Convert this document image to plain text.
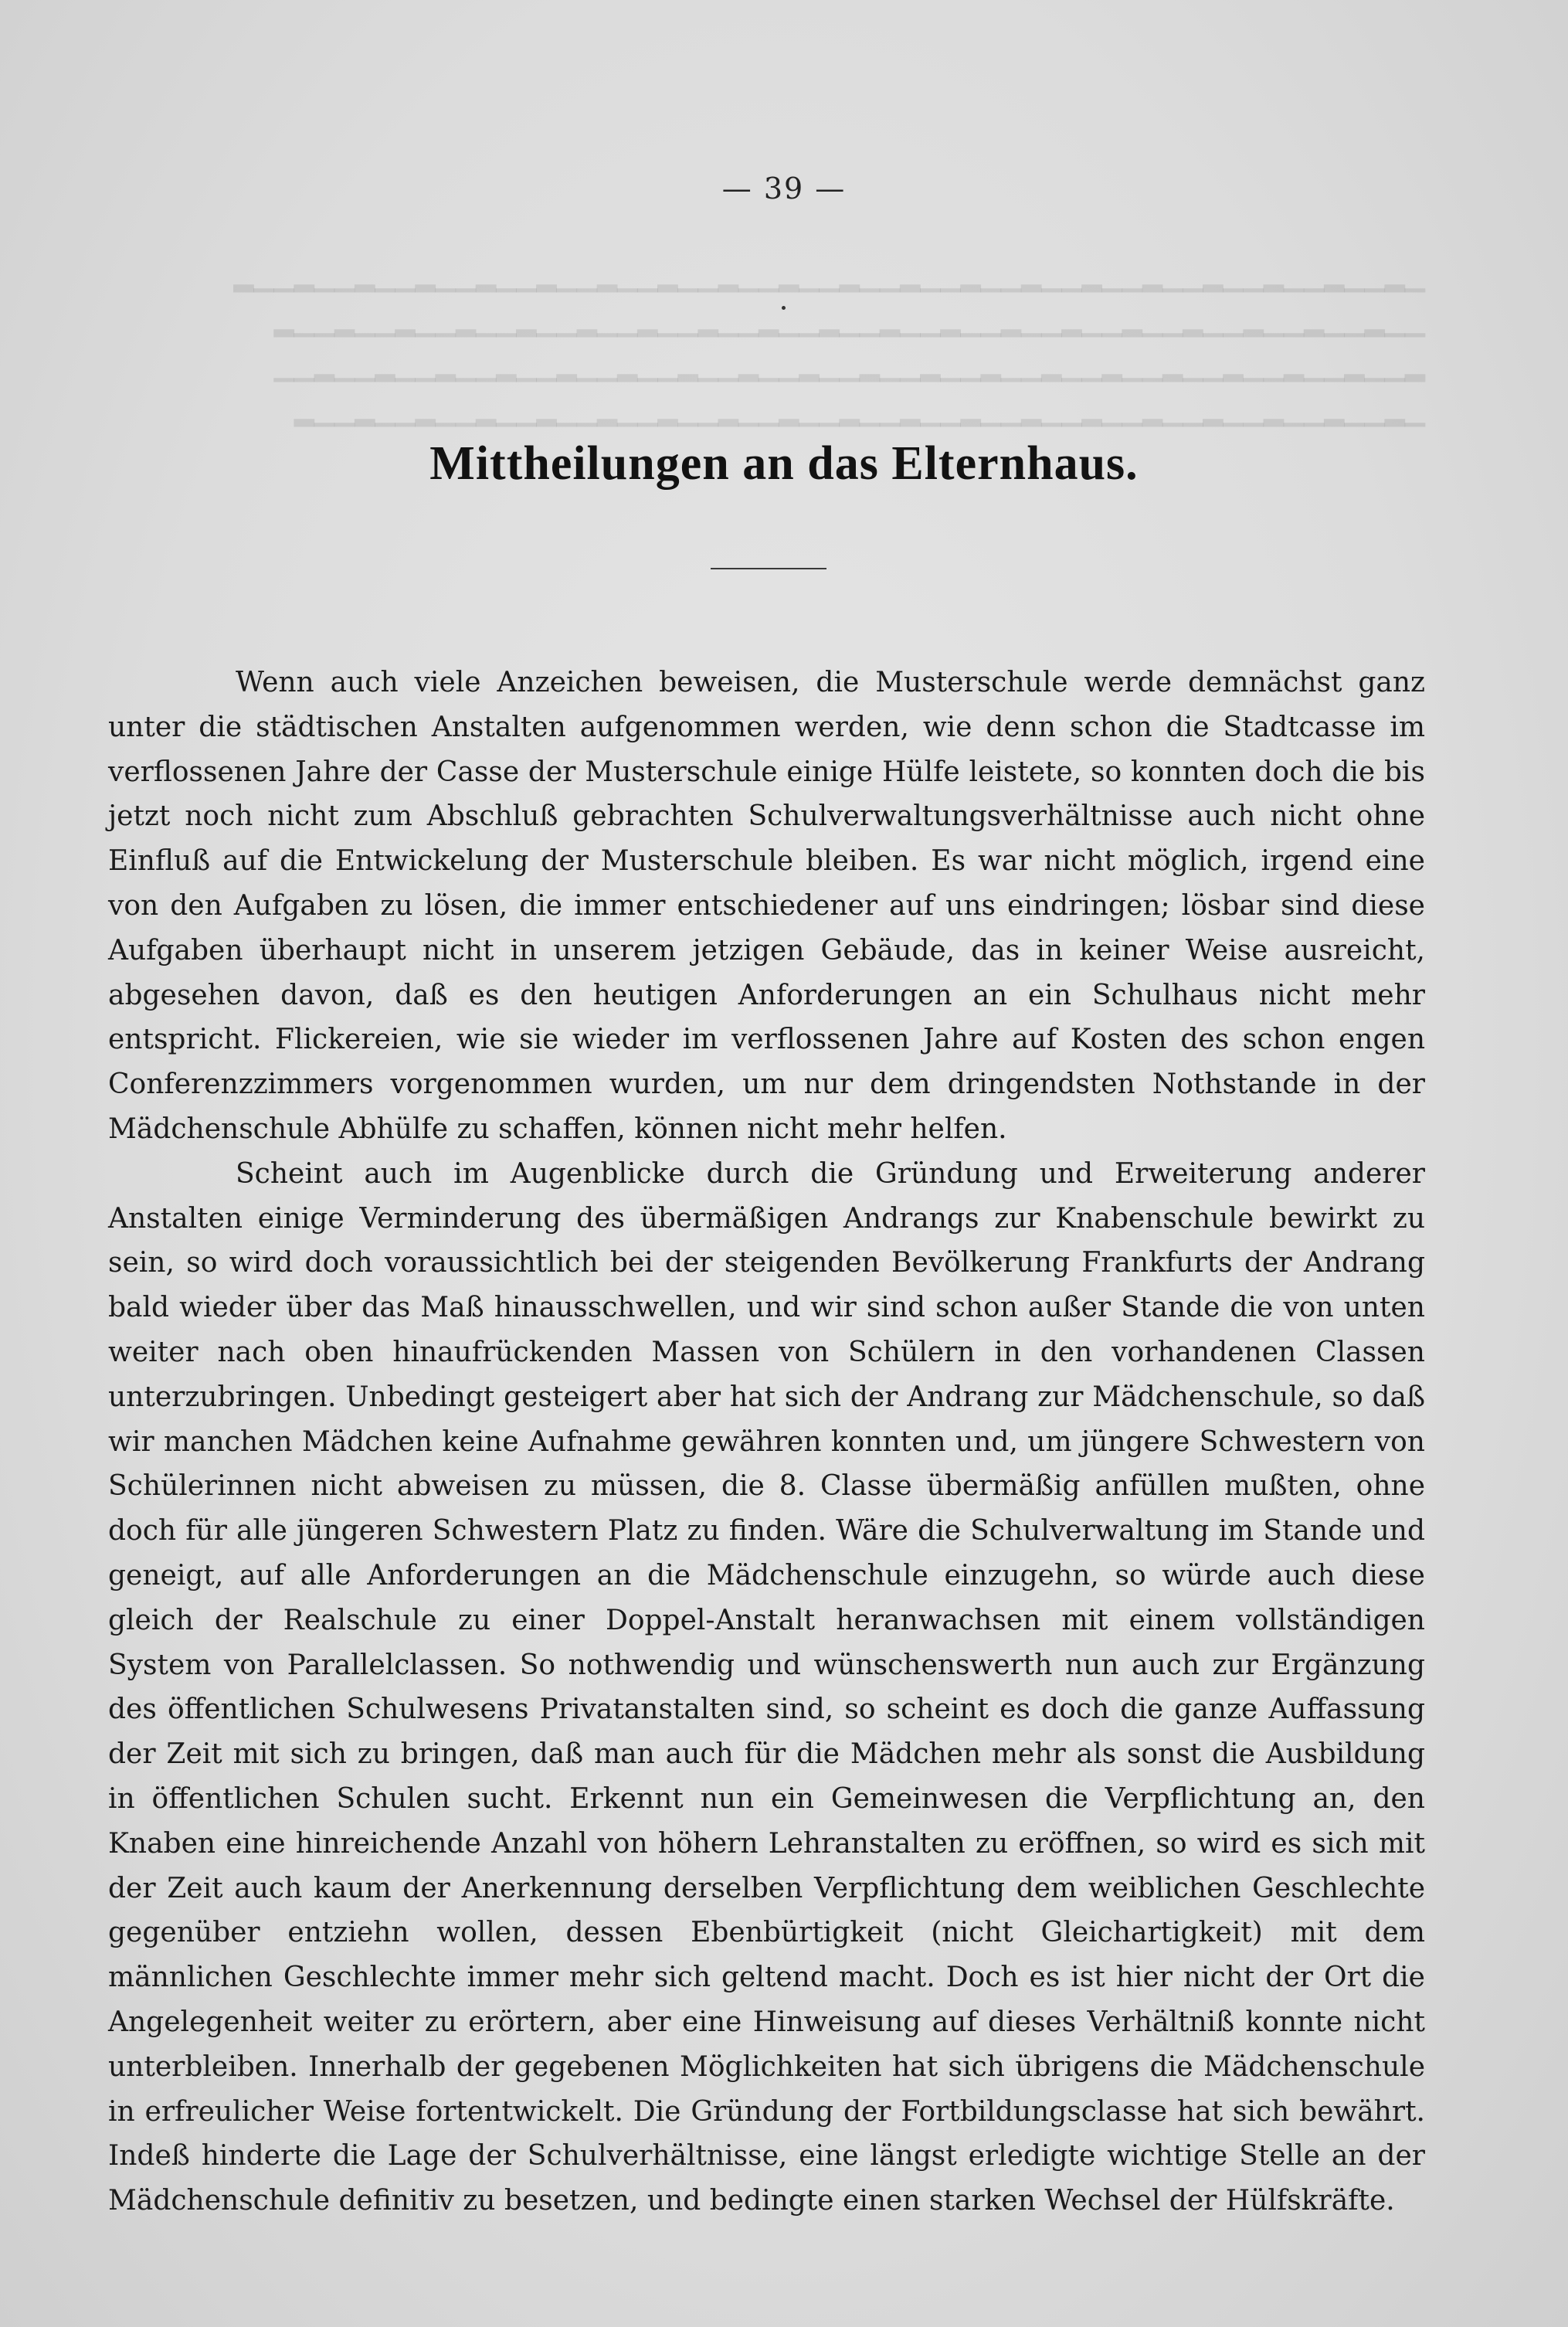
▁▂▁▁▂▁▁▂▁▁▂▁▁▂▁▁▂▁▁▂▁▁▂▁▁▂▁▁▂▁▁▂▁▁▂▁▁▂▁▁▂▁▁▂▁▁▂▁▁▂▁▁▂▁▁▂▁▁▂
▁▁▂▁▁▂▁▁▂▁▁▂▁▁▂▁▁▂▁▁▂▁▁▂▁▁▂▁▁▂▁▁▂▁▁▂▁▁▂▁▁▂▁▁▂▁▁▂▁▁▂▁▁▂▁▁▂
▂▁▁▂▁▁▂▁▁▂▁▁▂▁▁▂▁▁▂▁▁▂▁▁▂▁▁▂▁▁▂▁▁▂▁▁▂▁▁▂▁▁▂▁▁▂▁▁▂▁▁▂▁▁▂▁▁
▁▂▁▁▂▁▁▂▁▁▂▁▁▂▁▁▂▁▁▂▁▁▂▁▁▂▁▁▂▁▁▂▁▁▂▁▁▂▁▁▂▁▁▂▁▁▂▁▁▂▁▁▂▁▁▂

— 39 —
Mittheilungen an das Elternhaus.

Wenn auch viele Anzeichen beweisen, die Musterschule werde demnächst ganz unter die städtischen Anstalten aufgenommen werden, wie denn schon die Stadtcasse im verflossenen Jahre der Casse der Musterschule einige Hülfe leistete, so konnten doch die bis jetzt noch nicht zum Abschluß gebrachten Schulverwaltungsverhältnisse auch nicht ohne Einfluß auf die Entwickelung der Musterschule bleiben. Es war nicht möglich, irgend eine von den Aufgaben zu lösen, die immer entschiedener auf uns eindringen; lösbar sind diese Aufgaben überhaupt nicht in unserem jetzigen Gebäude, das in keiner Weise ausreicht, abgesehen davon, daß es den heutigen Anforderungen an ein Schulhaus nicht mehr entspricht. Flickereien, wie sie wieder im verflossenen Jahre auf Kosten des schon engen Conferenzzimmers vorgenommen wurden, um nur dem dringendsten Nothstande in der Mädchenschule Abhülfe zu schaffen, können nicht mehr helfen.

Scheint auch im Augenblicke durch die Gründung und Erweiterung anderer Anstalten einige Verminderung des übermäßigen Andrangs zur Knabenschule bewirkt zu sein, so wird doch voraussichtlich bei der steigenden Bevölkerung Frankfurts der Andrang bald wieder über das Maß hinausschwellen, und wir sind schon außer Stande die von unten weiter nach oben hinaufrückenden Massen von Schülern in den vorhandenen Classen unterzubringen. Unbedingt gesteigert aber hat sich der Andrang zur Mädchenschule, so daß wir manchen Mädchen keine Aufnahme gewähren konnten und, um jüngere Schwestern von Schülerinnen nicht abweisen zu müssen, die 8. Classe übermäßig anfüllen mußten, ohne doch für alle jüngeren Schwestern Platz zu finden. Wäre die Schulverwaltung im Stande und geneigt, auf alle Anforderungen an die Mädchenschule einzugehn, so würde auch diese gleich der Realschule zu einer Doppel-Anstalt heranwachsen mit einem vollständigen System von Parallelclassen. So nothwendig und wünschenswerth nun auch zur Ergänzung des öffentlichen Schulwesens Privatanstalten sind, so scheint es doch die ganze Auffassung der Zeit mit sich zu bringen, daß man auch für die Mädchen mehr als sonst die Ausbildung in öffentlichen Schulen sucht. Erkennt nun ein Gemeinwesen die Verpflichtung an, den Knaben eine hinreichende Anzahl von höhern Lehranstalten zu eröffnen, so wird es sich mit der Zeit auch kaum der Anerkennung derselben Verpflichtung dem weiblichen Geschlechte gegenüber entziehn wollen, dessen Ebenbürtigkeit (nicht Gleichartigkeit) mit dem männlichen Geschlechte immer mehr sich geltend macht. Doch es ist hier nicht der Ort die Angelegenheit weiter zu erörtern, aber eine Hinweisung auf dieses Verhältniß konnte nicht unterbleiben. Innerhalb der gegebenen Möglichkeiten hat sich übrigens die Mädchenschule in erfreulicher Weise fortentwickelt. Die Gründung der Fortbildungsclasse hat sich bewährt. Indeß hinderte die Lage der Schulverhältnisse, eine längst erledigte wichtige Stelle an der Mädchenschule definitiv zu besetzen, und bedingte einen starken Wechsel der Hülfskräfte.
